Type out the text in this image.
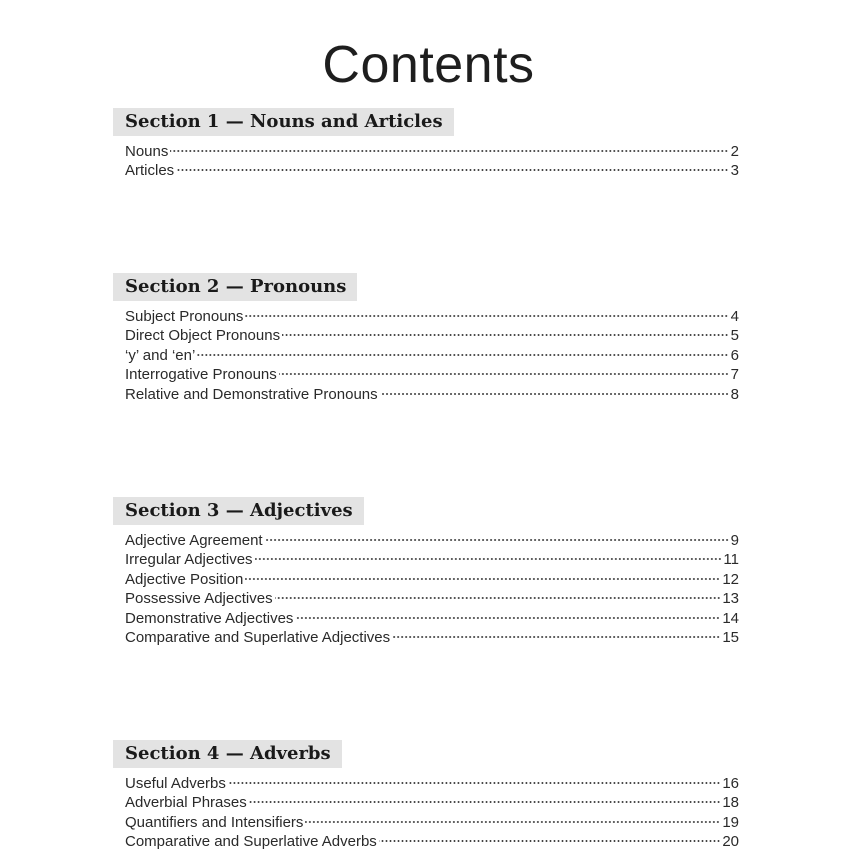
Contents
Section 1 — Nouns and Articles
Nouns	2
Articles	3
Section 2 — Pronouns
Subject Pronouns	4
Direct Object Pronouns	5
‘y’ and ‘en’	6
Interrogative Pronouns	7
Relative and Demonstrative Pronouns	8
Section 3 — Adjectives
Adjective Agreement	9
Irregular Adjectives	11
Adjective Position	12
Possessive Adjectives	13
Demonstrative Adjectives	14
Comparative and Superlative Adjectives	15
Section 4 — Adverbs
Useful Adverbs	16
Adverbial Phrases	18
Quantifiers and Intensifiers	19
Comparative and Superlative Adverbs	20
